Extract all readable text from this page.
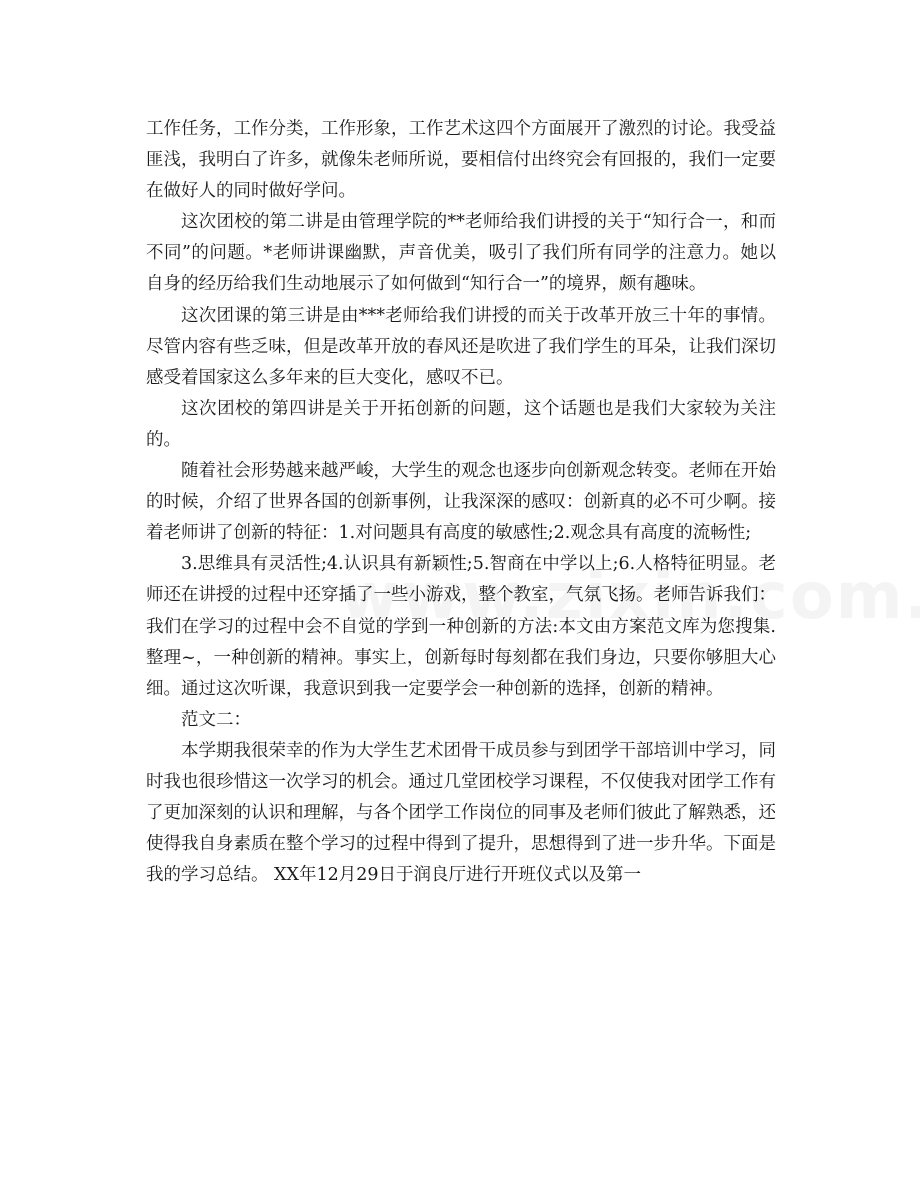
工作任务，工作分类，工作形象，工作艺术这四个方面展开了激烈的讨论。我受益匪浅，我明白了许多，就像朱老师所说，要相信付出终究会有回报的，我们一定要在做好人的同时做好学问。

这次团校的第二讲是由管理学院的**老师给我们讲授的关于“知行合一，和而不同”的问题。*老师讲课幽默，声音优美，吸引了我们所有同学的注意力。她以自身的经历给我们生动地展示了如何做到“知行合一”的境界，颇有趣味。

这次团课的第三讲是由***老师给我们讲授的而关于改革开放三十年的事情。尽管内容有些乏味，但是改革开放的春风还是吹进了我们学生的耳朵，让我们深切感受着国家这么多年来的巨大变化，感叹不已。

这次团校的第四讲是关于开拓创新的问题，这个话题也是我们大家较为关注的。

随着社会形势越来越严峻，大学生的观念也逐步向创新观念转变。老师在开始的时候，介绍了世界各国的创新事例，让我深深的感叹：创新真的必不可少啊。接着老师讲了创新的特征：1.对问题具有高度的敏感性;2.观念具有高度的流畅性;

3.思维具有灵活性;4.认识具有新颖性;5.智商在中学以上;6.人格特征明显。老师还在讲授的过程中还穿插了一些小游戏，整个教室，气氛飞扬。老师告诉我们：我们在学习的过程中会不自觉的学到一种创新的方法:本文由方案范文库为您搜集.整理~，一种创新的精神。事实上，创新每时每刻都在我们身边，只要你够胆大心细。通过这次听课，我意识到我一定要学会一种创新的选择，创新的精神。

范文二：

本学期我很荣幸的作为大学生艺术团骨干成员参与到团学干部培训中学习，同时我也很珍惜这一次学习的机会。通过几堂团校学习课程，不仅使我对团学工作有了更加深刻的认识和理解，与各个团学工作岗位的同事及老师们彼此了解熟悉，还使得我自身素质在整个学习的过程中得到了提升，思想得到了进一步升华。下面是我的学习总结。 XX年12月29日于润良厅进行开班仪式以及第一
